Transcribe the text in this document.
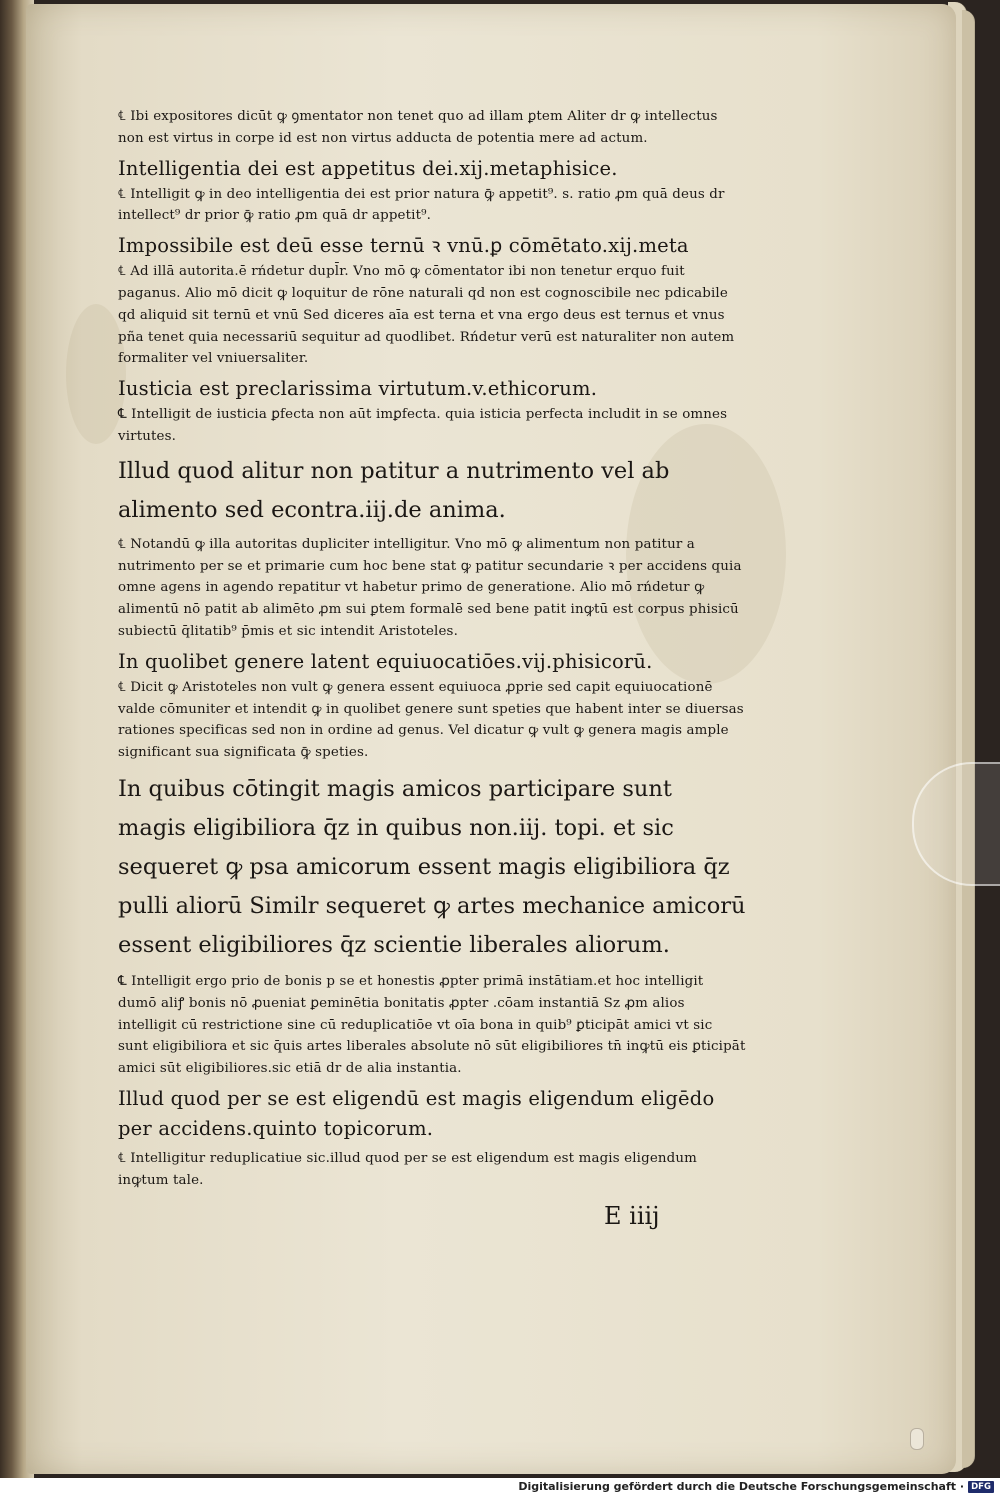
℄ Ibi expositores dicūt ꝙ ꝯmentator non tenet quo ad illam ꝑtem Aliter dr ꝙ intellectus non est virtus in corpe id est non virtus adducta de potentia mere ad actum.

Intelligentia dei est appetitus dei.xij.metaphisice.

℄ Intelligit ꝙ in deo intelligentia dei est prior natura ꝙ̄ appetit⁹. s. ratio ꝓm quā deus dr intellect⁹ dr prior ꝙ̄ ratio ꝓm quā dr appetit⁹.

Impossibile est deū esse ternū ꝛ vnū.ꝑ cōmētato.xij.meta

℄ Ad illā autorita.ē rńdetur dupl̄r. Vno mō ꝙ cōmentator ibi non tenetur erquo fuit paganus. Alio mō dicit ꝙ loquitur de rōne naturali qd non est cognoscibile nec pdicabile qd aliquid sit ternū et vnū Sed diceres aīa est terna et vna ergo deus est ternus et vnus pña tenet quia necessariū sequitur ad quodlibet. Rńdetur verū est naturaliter non autem formaliter vel vniuersaliter.

Iusticia est preclarissima virtutum.v.ethicorum.

℄ Intelligit de iusticia ꝑfecta non aūt imꝑfecta. quia isticia perfecta includit in se omnes virtutes.

Illud quod alitur non patitur a nutrimento vel ab alimento sed econtra.iij.de anima.

℄ Notandū ꝙ illa autoritas dupliciter intelligitur. Vno mō ꝙ alimentum non patitur a nutrimento per se et primarie cum hoc bene stat ꝙ patitur secundarie ꝛ per accidens quia omne agens in agendo repatitur vt habetur primo de generatione. Alio mō rńdetur ꝙ alimentū nō patit ab alimēto ꝓm sui ꝑtem formalē sed bene patit inꝙtū est corpus phisicū subiectū q̄litatib⁹ p̄mis et sic intendit Aristoteles.

In quolibet genere latent equiuocatiōes.vij.phisicorū.

℄ Dicit ꝙ Aristoteles non vult ꝙ genera essent equiuoca ꝓprie sed capit equiuocationē valde cōmuniter et intendit ꝙ in quolibet genere sunt speties que habent inter se diuersas rationes specificas sed non in ordine ad genus. Vel dicatur ꝙ vult ꝙ genera magis ample significant sua significata ꝙ̄ speties.

In quibus cōtingit magis amicos participare sunt magis eligibiliora q̄z in quibus non.iij. topi. et sic sequeret ꝙ psa amicorum essent magis eligibiliora q̄z pulli aliorū Similr sequeret ꝙ artes mechanice amicorū essent eligibiliores q̄z scientie liberales aliorum.

℄ Intelligit ergo prio de bonis p se et honestis ꝓpter primā instātiam.et hoc intelligit dumō aliꝭ bonis nō ꝓueniat ꝑeminētia bonitatis ꝓpter .cōam instantiā Sz ꝓm alios intelligit cū restrictione sine cū reduplicatiōe vt oīa bona in quib⁹ ꝑticipāt amici vt sic sunt eligibiliora et sic q̄uis artes liberales absolute nō sūt eligibiliores tn̄ inꝙtū eis ꝑticipāt amici sūt eligibiliores.sic etiā dr de alia instantia.

Illud quod per se est eligendū est magis eligendum eligēdo per accidens.quinto topicorum.

℄ Intelligitur reduplicatiue sic.illud quod per se est eligendum est magis eligendum inꝙtum tale.

E iiij
Digitalisierung gefördert durch die Deutsche Forschungsgemeinschaft · DFG
